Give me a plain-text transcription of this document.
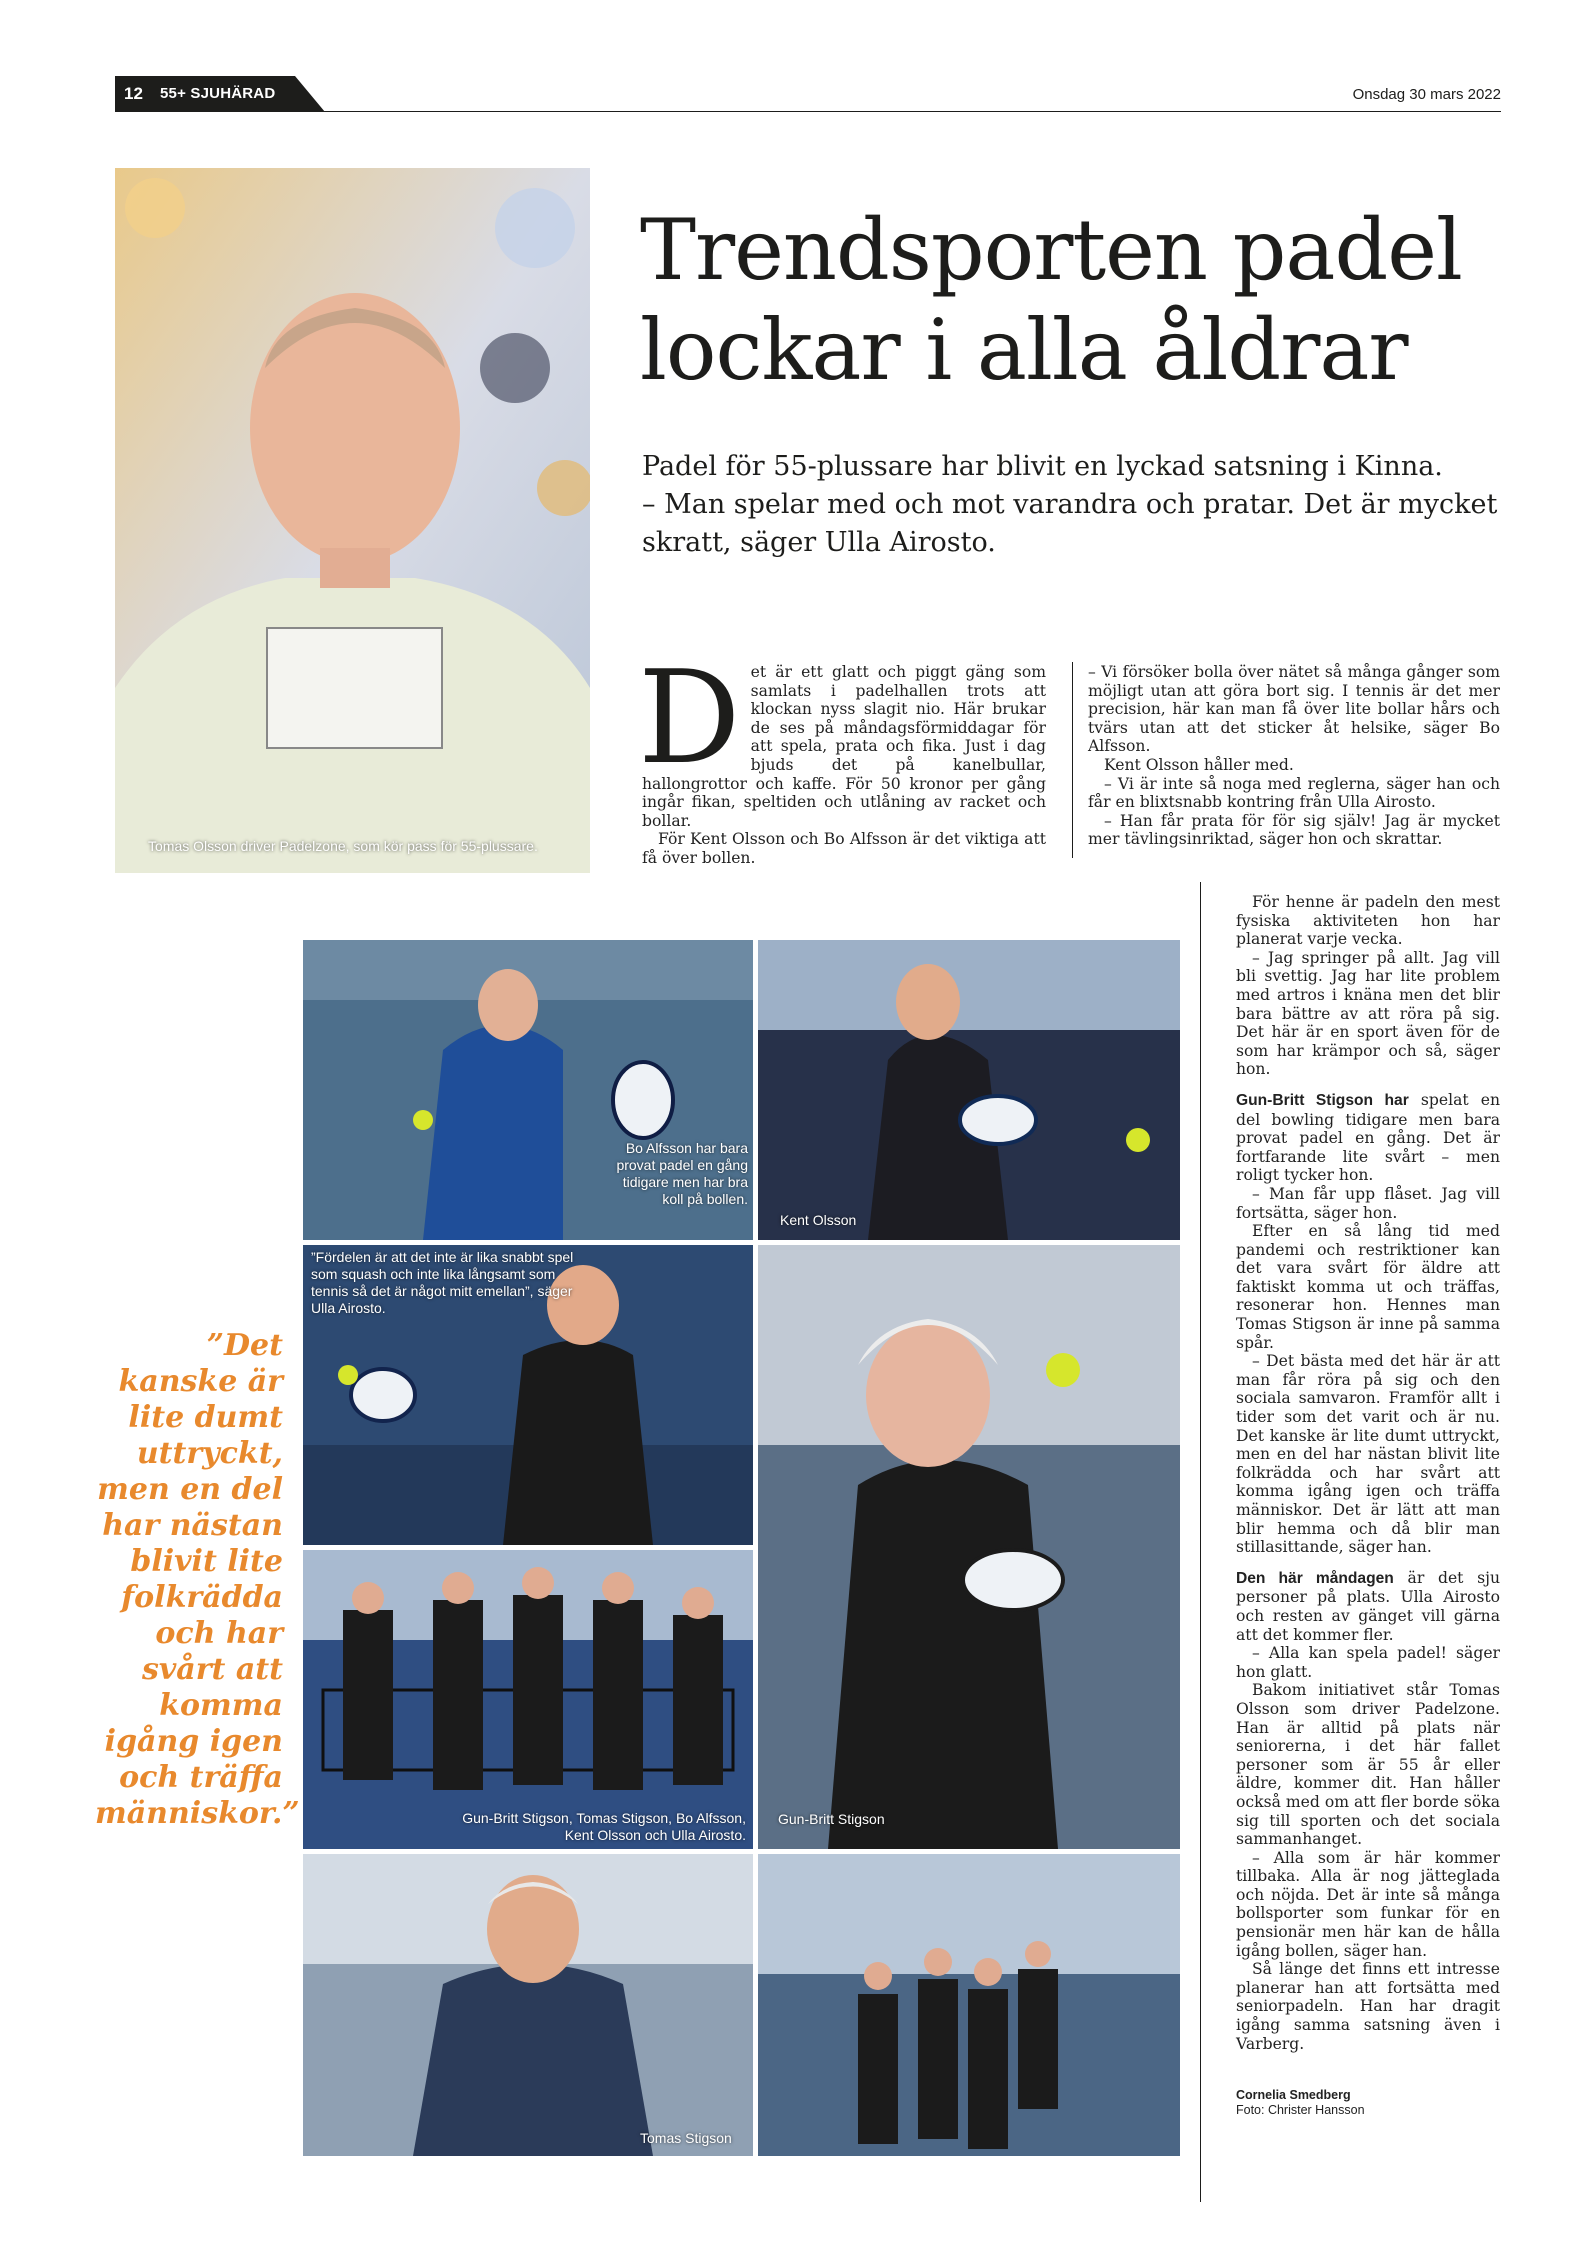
12 55+ SJUHÄRAD	Onsdag 30 mars 2022
Tomas Olsson driver Padelzone, som kör pass för 55-plussare.
Trendsporten padel lockar i alla åldrar
Padel för 55-plussare har blivit en lyckad satsning i Kinna.
– Man spelar med och mot varandra och pratar. Det är mycket skratt, säger Ulla Airosto.
D et är ett glatt och piggt gäng som samlats i padelhallen trots att klockan nyss slagit nio. Här brukar de ses på måndagsförmiddagar för att spela, prata och fika. Just i dag bjuds det på kanelbullar, hallongrottor och kaffe. För 50 kronor per gång ingår fikan, speltiden och utlåning av racket och bollar.

För Kent Olsson och Bo Alfsson är det viktiga att få över bollen.

– Vi försöker bolla över nätet så många gånger som möjligt utan att göra bort sig. I tennis är det mer precision, här kan man få över lite bollar hårs och tvärs utan att det sticker åt helsike, säger Bo Alfsson.

Kent Olsson håller med.

– Vi är inte så noga med reglerna, säger han och får en blixtsnabb kontring från Ulla Airosto.

– Han får prata för för sig själv! Jag är mycket mer tävlingsinriktad, säger hon och skrattar.

För henne är padeln den mest fysiska aktiviteten hon har planerat varje vecka.

– Jag springer på allt. Jag vill bli svettig. Jag har lite problem med artros i knäna men det blir bara bättre av att röra på sig. Det här är en sport även för de som har krämpor och så, säger hon.

Gun-Britt Stigson har spelat en del bowling tidigare men bara provat padel en gång. Det är fortfarande lite svårt – men roligt tycker hon.

– Man får upp flåset. Jag vill fortsätta, säger hon.

Efter en så lång tid med pandemi och restriktioner kan det vara svårt för äldre att faktiskt komma ut och träffas, resonerar hon. Hennes man Tomas Stigson är inne på samma spår.

– Det bästa med det här är att man får röra på sig och den sociala samvaron. Framför allt i tider som det varit och är nu. Det kanske är lite dumt uttryckt, men en del har nästan blivit lite folkrädda och har svårt att komma igång igen och träffa människor. Det är lätt att man blir hemma och då blir man stillasittande, säger han.

Den här måndagen är det sju personer på plats. Ulla Airosto och resten av gänget vill gärna att det kommer fler.

– Alla kan spela padel! säger hon glatt.

Bakom initiativet står Tomas Olsson som driver Padelzone. Han är alltid på plats när seniorerna, i det här fallet personer som är 55 år eller äldre, kommer dit. Han håller också med om att fler borde söka sig till sporten och det sociala sammanhanget.

– Alla som är här kommer tillbaka. Alla är nog jätteglada och nöjda. Det är inte så många bollsporter som funkar för en pensionär men här kan de hålla igång bollen, säger han.

Så länge det finns ett intresse planerar han att fortsätta med seniorpadeln. Han har dragit igång samma satsning även i Varberg.

Bo Alfsson har bara provat padel en gång tidigare men har bra koll på bollen.
Kent Olsson
”Fördelen är att det inte är lika snabbt spel som squash och inte lika långsamt som tennis så det är något mitt emellan”, säger Ulla Airosto.
Gun-Britt Stigson
Gun-Britt Stigson, Tomas Stigson, Bo Alfsson, Kent Olsson och Ulla Airosto.
Tomas Stigson
”Det kanske är lite dumt uttryckt, men en del har nästan blivit lite folkrädda och har svårt att komma igång igen och träffa människor.”
Cornelia Smedberg
Foto: Christer Hansson
